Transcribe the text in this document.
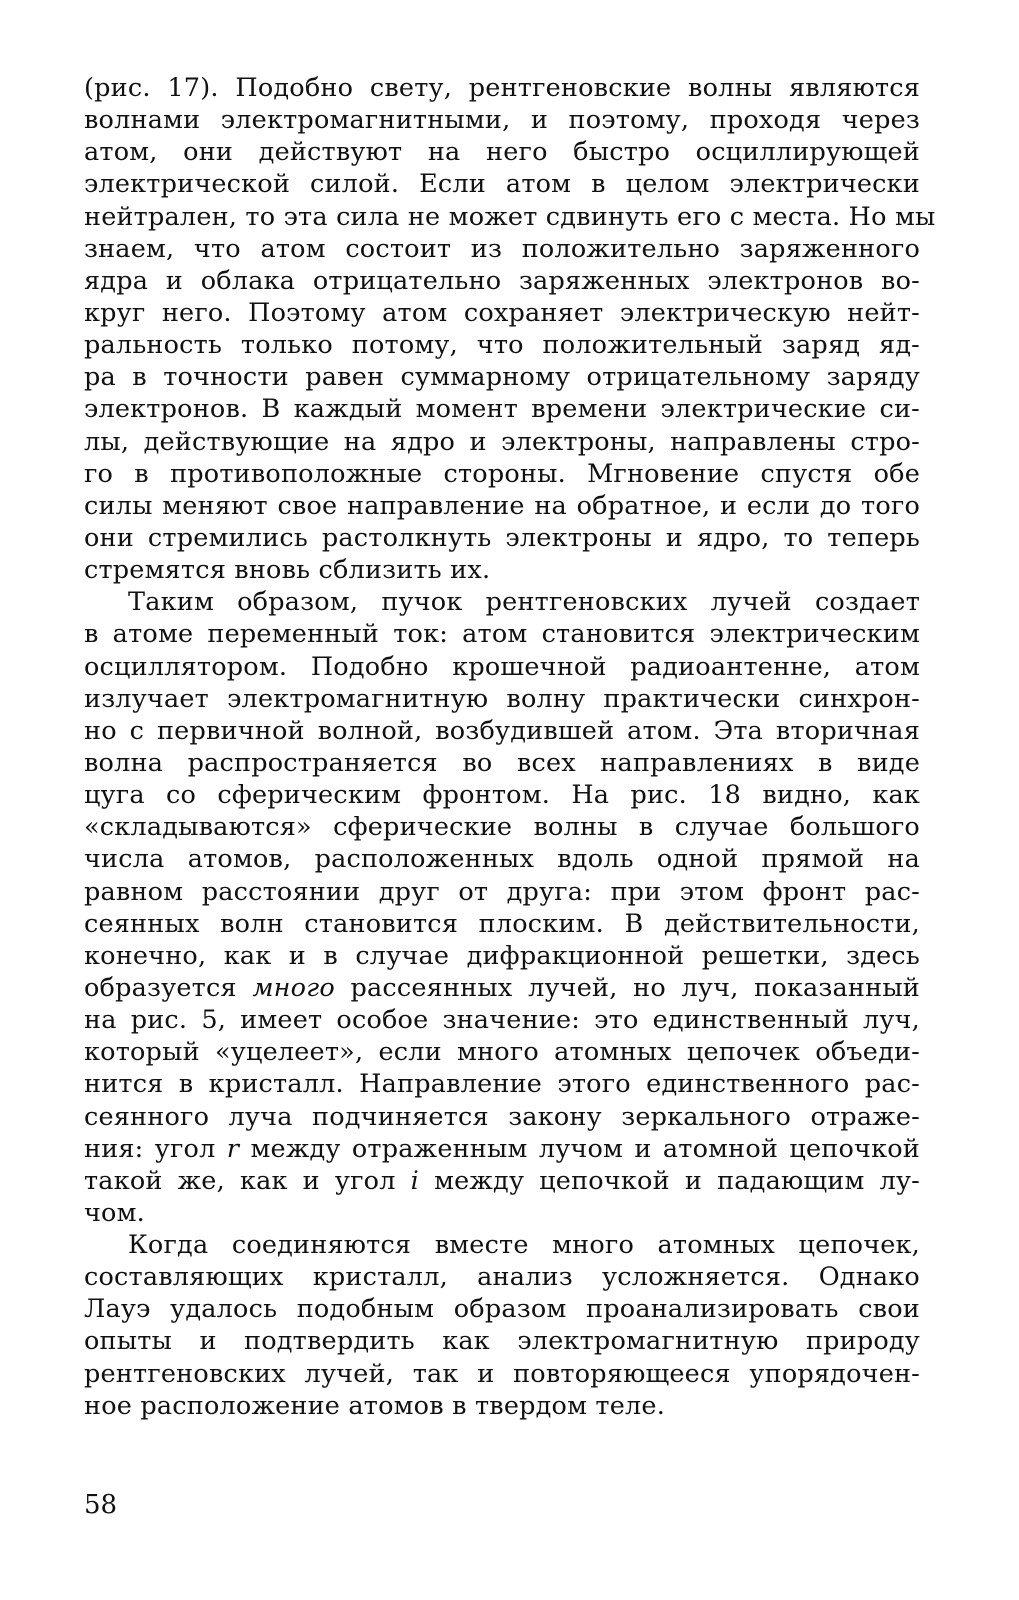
(рис. 17). Подобно свету, рентгеновские волны являются
волнами электромагнитными, и поэтому, проходя через
атом, они действуют на него быстро осциллирующей
электрической силой. Если атом в целом электрически
нейтрален, то эта сила не может сдвинуть его с места. Но мы
знаем, что атом состоит из положительно заряженного
ядра и облака отрицательно заряженных электронов во-
круг него. Поэтому атом сохраняет электрическую нейт-
ральность только потому, что положительный заряд яд-
ра в точности равен суммарному отрицательному заряду
электронов. В каждый момент времени электрические си-
лы, действующие на ядро и электроны, направлены стро-
го в противоположные стороны. Мгновение спустя обе
силы меняют свое направление на обратное, и если до того
они стремились растолкнуть электроны и ядро, то теперь
стремятся вновь сблизить их.
Таким образом, пучок рентгеновских лучей создает
в атоме переменный ток: атом становится электрическим
осциллятором. Подобно крошечной радиоантенне, атом
излучает электромагнитную волну практически синхрон-
но с первичной волной, возбудившей атом. Эта вторичная
волна распространяется во всех направлениях в виде
цуга со сферическим фронтом. На рис. 18 видно, как
«складываются» сферические волны в случае большого
числа атомов, расположенных вдоль одной прямой на
равном расстоянии друг от друга: при этом фронт рас-
сеянных волн становится плоским. В действительности,
конечно, как и в случае дифракционной решетки, здесь
образуется много рассеянных лучей, но луч, показанный
на рис. 5, имеет особое значение: это единственный луч,
который «уцелеет», если много атомных цепочек объеди-
нится в кристалл. Направление этого единственного рас-
сеянного луча подчиняется закону зеркального отраже-
ния: угол r между отраженным лучом и атомной цепочкой
такой же, как и угол i между цепочкой и падающим лу-
чом.
Когда соединяются вместе много атомных цепочек,
составляющих кристалл, анализ усложняется. Однако
Лауэ удалось подобным образом проанализировать свои
опыты и подтвердить как электромагнитную природу
рентгеновских лучей, так и повторяющееся упорядочен-
ное расположение атомов в твердом теле.
58
